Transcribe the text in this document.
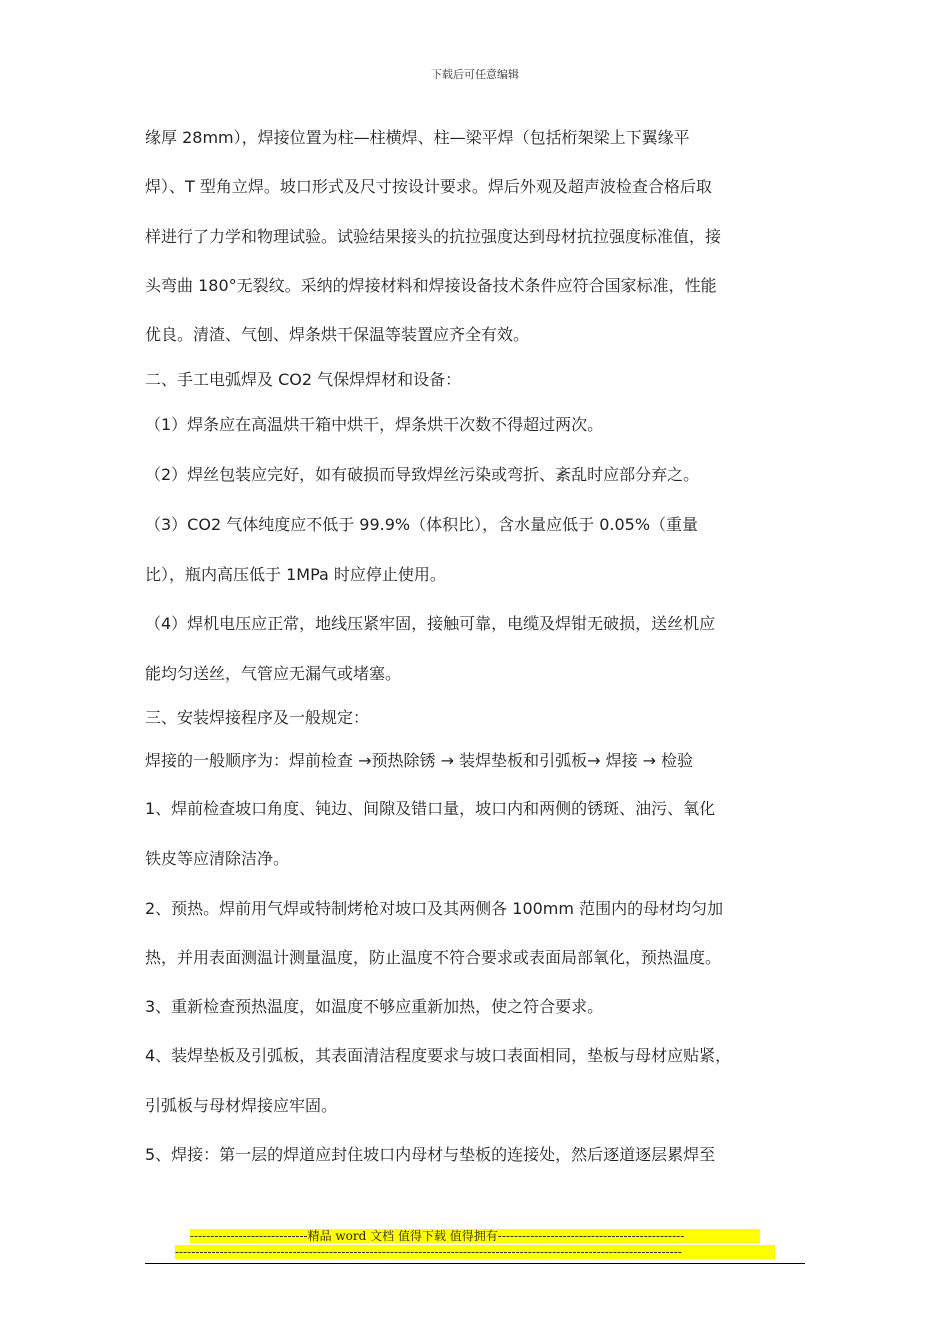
下载后可任意编辑
缘厚 28mm），焊接位置为柱—柱横焊、柱—梁平焊（包括桁架梁上下翼缘平
焊）、T 型角立焊。坡口形式及尺寸按设计要求。焊后外观及超声波检查合格后取
样进行了力学和物理试验。试验结果接头的抗拉强度达到母材抗拉强度标准值，接
头弯曲 180°无裂纹。采纳的焊接材料和焊接设备技术条件应符合国家标准，性能
优良。清渣、气刨、焊条烘干保温等装置应齐全有效。
二、手工电弧焊及 CO2 气保焊焊材和设备：
（1）焊条应在高温烘干箱中烘干，焊条烘干次数不得超过两次。
（2）焊丝包装应完好，如有破损而导致焊丝污染或弯折、紊乱时应部分弃之。
（3）CO2 气体纯度应不低于 99.9%（体积比），含水量应低于 0.05%（重量
比），瓶内高压低于 1MPa 时应停止使用。
（4）焊机电压应正常，地线压紧牢固，接触可靠，电缆及焊钳无破损，送丝机应
能均匀送丝，气管应无漏气或堵塞。
三、安装焊接程序及一般规定：
焊接的一般顺序为：焊前检查 →预热除锈 → 装焊垫板和引弧板→ 焊接 → 检验
1、焊前检查坡口角度、钝边、间隙及错口量，坡口内和两侧的锈斑、油污、氧化
铁皮等应清除洁净。
2、预热。焊前用气焊或特制烤枪对坡口及其两侧各 100mm 范围内的母材均匀加
热，并用表面测温计测量温度，防止温度不符合要求或表面局部氧化，预热温度。
3、重新检查预热温度，如温度不够应重新加热，使之符合要求。
4、装焊垫板及引弧板，其表面清洁程度要求与坡口表面相同，垫板与母材应贴紧，
引弧板与母材焊接应牢固。
5、焊接：第一层的焊道应封住坡口内母材与垫板的连接处，然后逐道逐层累焊至
-----------------------------精品 word 文档 值得下载 值得拥有----------------------------------------------
-----------------------------------------------------------------------------------------------------------------------------
